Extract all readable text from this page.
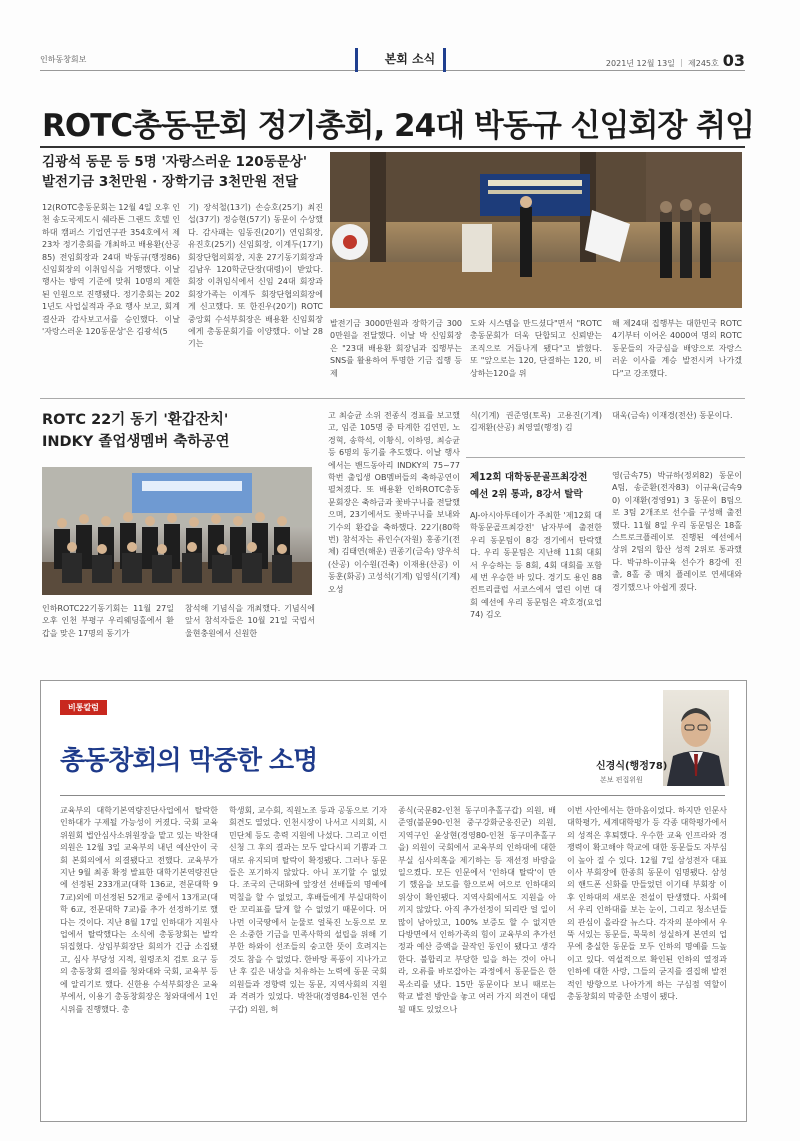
인하동창회보	본회 소식	2021년 12월 13일 ｜ 제245호 03
ROTC총동문회 정기총회, 24대 박동규 신임회장 취임
김광석 동문 등 5명 '자랑스러운 120동문상'
발전기금 3천만원 · 장학기금 3천만원 전달
12(ROTC총동문회는 12월 4일 오후 인천 송도국제도시 쉐라톤 그랜드 호텔 인하대 캠퍼스 기업연구관 354호에서 제23차 정기총회를 개최하고 배용환(산공85) 전임회장과 24대 박동규(행정86) 신임회장의 이취임식을 거행했다. 이날 행사는 방역 기준에 맞춰 10명의 제한된 인원으로 진행됐다. 정기총회는 2021년도 사업실적과 주요 행사 보고, 회계결산과 감사보고서를 승인했다. 이날 '자랑스러운 120동문상'은 김광석(5
기) 장석철(13기) 손승호(25기) 최진섭(37기) 정승현(57기) 동문이 수상했다. 감사패는 임동진(20기) 연임회장, 유진호(25기) 신임회장, 이계두(17기) 회장단협의회장, 지훈 27기동기회장과 김남우 120학군단장(대령)이 받았다. 회장 이취임식에서 신임 24대 회장과 회장가족는 이계두 회장단협의회장에게 신고했다. 또 한진우(20기) ROTC중앙회 수석부회장은 배용환 신임회장에게 총동문회기를 이양했다. 이날 28기는
발전기금 3000만원과 장학기금 3000만원을 전달했다. 이날 박 신임회장은 "23대 배용환 회장님과 집행부는 SNS를 활용하여 투명한 기금 집행 등 제
도와 시스템을 만드셨다"면서 "ROTC총동문회가 더욱 단합되고 신뢰받는 조직으로 거듭나게 됐다"고 밝혔다. 또 "앞으로는 120, 단결하는 120, 비상하는120을 위
해 제24대 집행부는 대한민국 ROTC 4기부터 이어온 4000여 명의 ROTC 동문들의 자긍심을 배양으로 자랑스러운 이사를 계승 발전시켜 나가겠다"고 강조했다.
ROTC 22기 동기 '환갑잔치'
INDKY 졸업생멤버 축하공연
인하ROTC22기동기회는 11월 27일 오후 인천 부평구 우리웨딩홀에서 환갑을 맞은 17명의 동기가
참석해 기념식을 개최했다. 기념식에 앞서 참석자들은 10월 21일 국립서울현충원에서 신원한
고 최승균 소위 전종식 경표를 보고했고, 임준 105명 중 타계한 김연민, 노경혁, 송학석, 이황식, 이하영, 최승균 등 6명의 동기를 추도했다. 이날 행사에서는 밴드동아리 INDKY의 75~77학번 출입생 OB멤버들의 축하공연이 펼쳐졌다. 또 배용환 인하ROTC총동문회장은 축하금과 꽃바구니를 전달했으며, 23기에서도 꽃바구니를 보내와 기수의 환갑을 축하했다. 22기(80학번) 참석자는 류인수(자원) 홍종기(전체) 김태연(해운) 권종기(금속) 양우석(산공) 이수원(건축) 이재용(산공) 이동훈(화공) 고성석(기계) 임영식(기계) 오성
식(기계) 권준영(토목) 고용진(기계) 김재환(산공) 최영열(행정) 김
대욱(금속) 이재경(전산) 동문이다.
제12회 대학동문골프최강전
예선 2위 통과, 8강서 탈락
AJ-아시아투데이가 주최한 '제12회 대학동문골프최강전' 남자부에 출전한 우리 동문팀이 8강 경기에서 탄락했다. 우리 동문팀은 지난해 11회 대회서 우승하는 등 8회, 4회 대회를 포함 세 번 우승한 바 있다. 경기도 용인 88컨트리클럽 서코스에서 열린 이번 대회 예선에 우리 동문팀은 곽호경(요업74) 김오
영(금속75) 박규하(정외82) 동문이 A팀, 송준환(전자83) 이규육(금속90) 이재환(경영91) 3 동문이 B팀으로 3팀 2개조로 선수를 구성해 출전했다. 11월 8일 우리 동문팀은 18홀 스트로크플레이로 진행된 예선에서 상위 2팀의 합산 성적 2위로 통과했다. 박규하-이규육 선수가 8강에 진출, 8홀 중 매치 플레이로 연세대와 경기했으나 아쉽게 졌다.
비통칼럼
총동창회의 막중한 소명	신경식(행정78)
본보 편집위원
교육부의 대학기본역량진단사업에서 탈락한 인하대가 구제될 가능성이 커졌다. 국회 교육위원회 법안심사소위원장을 맡고 있는 박찬대 의원은 12월 3일 교육부의 내년 예산안이 국회 본회의에서 의결됐다고 전했다. 교육부가 지난 9월 최종 확정 발표한 대학기본역량진단에 선정된 233개교(대학 136교, 전문대학 97교)외에 미선정된 52개교 중에서 13개교(대학 6교, 전문대학 7교)를 추가 선정하기로 했다는 것이다. 지난 8월 17일 인하대가 지원사업에서 탈락했다는 소식에 총동창회는 발칵 뒤집혔다. 상임부회장단 회의가 긴급 소집됐고, 심사 부당성 지적, 원령조치 검토 요구 등의 총동창회 결의를 청와대와 국회, 교육부 등에 알리기로 했다. 신한용 수석부회장은 교육부에서, 이용기 총동창회장은 청와대에서 1인 시위를 진행했다. 총
학생회, 교수회, 직원노조 등과 공동으로 기자회견도 열었다. 인천시장이 나서고 시의회, 시민단체 등도 총력 지원에 나섰다. 그리고 이런신청 그 후의 결과는 모두 알다시피 기쁨과 그대로 유지되며 탈락이 확정됐다. 그러나 동문들은 포기하지 않았다. 아니 포기할 수 없었다. 조국의 근대화에 앞장선 선배들의 명예에 먹칠을 할 수 없었고, 후배들에게 부실대학이란 꼬리표를 달게 할 수 없었기 때문이다. 머나먼 이국땅에서 눈물로 얼룩진 노동으로 모은 소중한 기금을 민족사학의 설립을 위해 기부한 하와이 선조들의 숭고한 뜻이 흐려지는 것도 참을 수 없었다. 한바탕 폭풍이 지나가고 난 후 깊은 내상을 치유하는 노력에 동문 국회의원들과 경향력 있는 동문, 지역사회의 지원과 격려가 있었다. 박찬대(경영84-인천 연수구갑) 의원, 허
종식(국문82-인천 동구미추홀구갑) 의원, 배준영(불문90-인천 중구강화군옹진군) 의원, 지역구인 윤상현(경영80-인천 동구미추홀구을) 의원이 국회에서 교육부의 인하대에 대한 부실 심사의혹을 제기하는 등 재선정 바람을 일으켰다. 모든 인문에서 '인하대 탈락'이 만기 했음을 보도를 함으로써 여으로 인하대의 위상이 확인됐다. 지역사회에서도 지원을 아끼지 않았다. 아직 추가선정이 되리란 얼 일이 많이 남아있고, 100% 보증도 할 수 없지만 다방면에서 인하가족의 힘이 교육부의 추가선정과 예산 증액을 끌작인 동인이 됐다고 생각한다. 불합리고 부당한 일을 하는 것이 아니라, 오류를 바로잡아는 과정에서 동문들은 한 목소리를 냈다. 15만 동문이다 보니 때로는 학교 발전 방안을 놓고 여러 가지 의견이 대립될 때도 있었으나
이번 사안에서는 한마음이었다. 하지만 인문사 대학평가, 세계대학평가 등 각종 대학평가에서의 성적은 후퇴했다. 우수한 교육 인프라와 경쟁력이 확고해야 학교에 대한 동문들도 자부심이 높아 질 수 있다. 12월 7일 삼성전자 대표이사 부회장에 한종희 동문이 임명됐다. 삼성의 핸드폰 신화를 만들었던 이기태 부회장 이후 인하대의 새로운 전설이 탄생했다. 사회에서 우리 인하대를 보는 눈이, 그리고 청소년들의 관심이 올라갈 뉴스다. 각자의 분야에서 우뚝 서있는 동문들, 묵묵히 성실하게 본연의 업무에 충실한 동문들 모두 인하의 명예를 드높이고 있다. 역설적으로 확인된 인하의 열정과 인하에 대한 사랑, 그들의 굳지를 결집해 발전적인 방향으로 나아가게 하는 구심점 역할이 총동창회의 막중한 소명이 됐다.
